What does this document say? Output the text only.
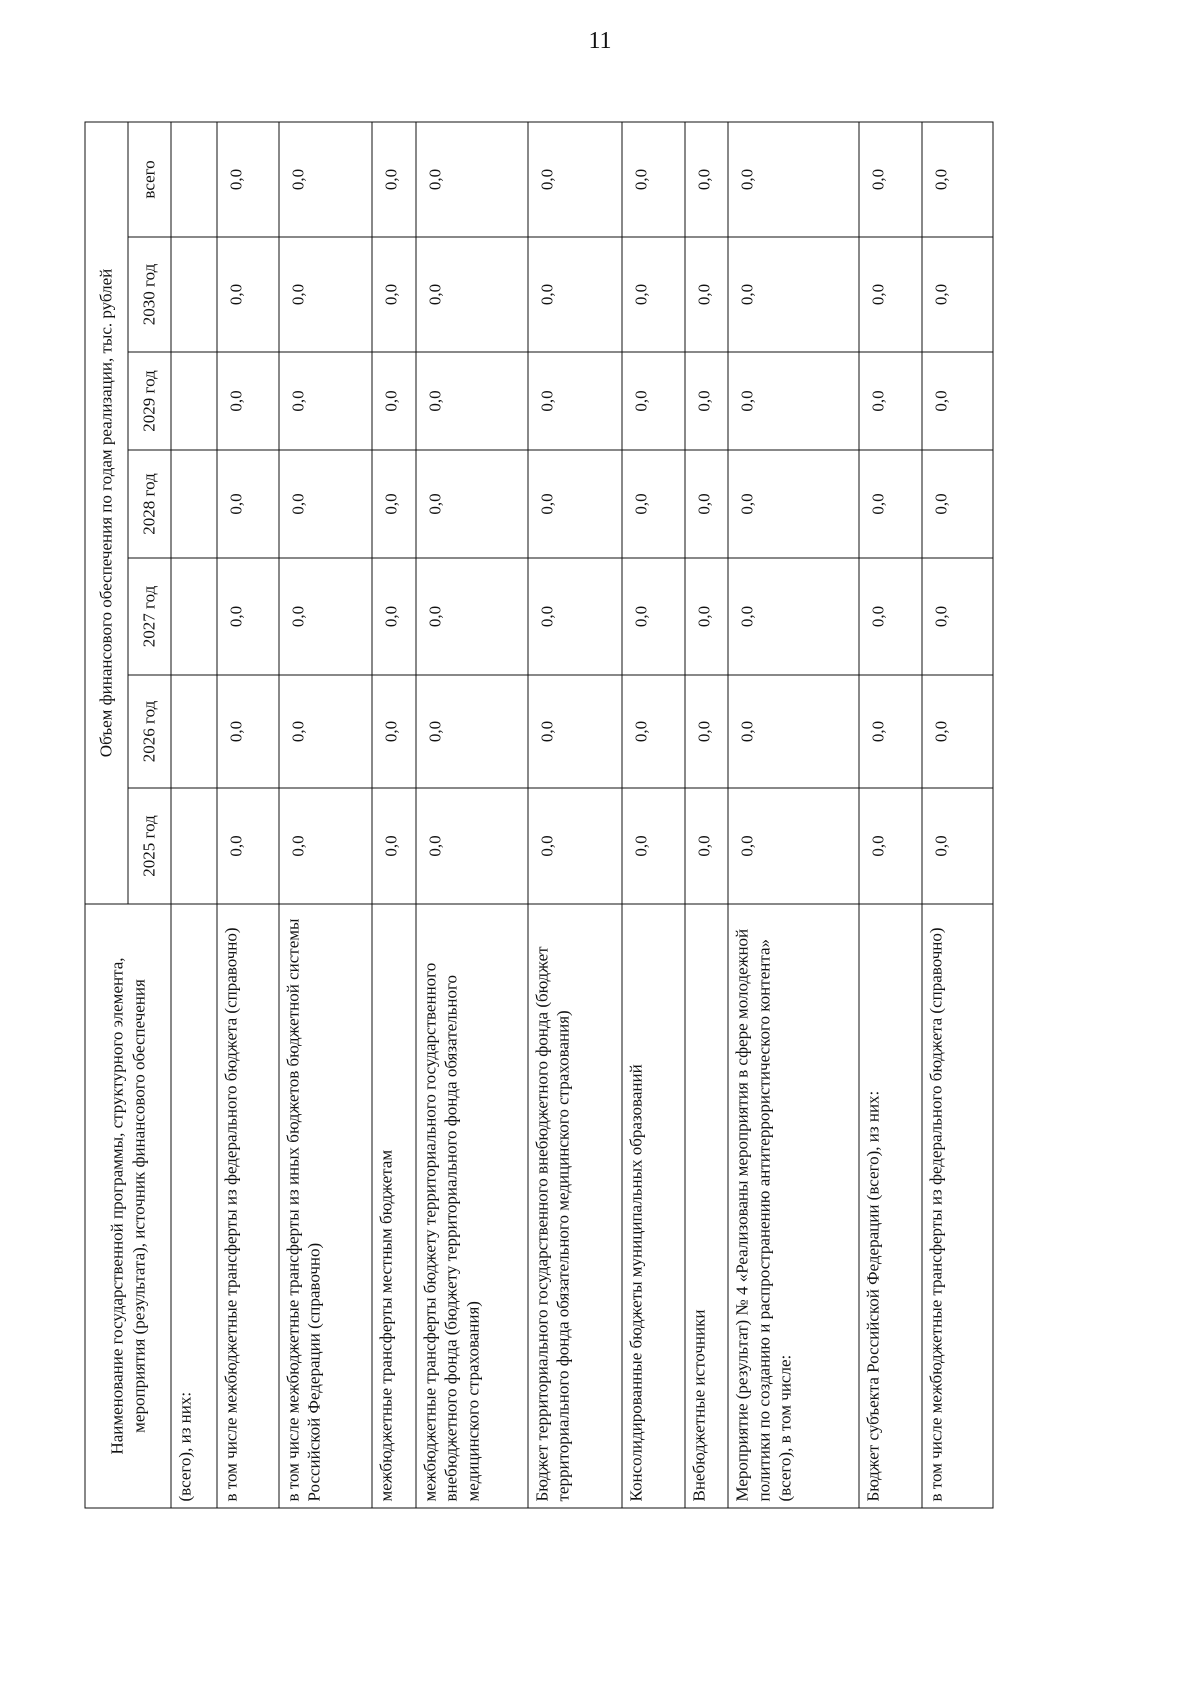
11
Наименование государственной программы, структурного элемента, мероприятия (результата), источник финансового обеспечения	Объем финансового обеспечения по годам реализации, тыс. рублей						
	2025 год	2026 год	2027 год	2028 год	2029 год	2030 год	всего
(всего), из них:							
в том числе межбюджетные трансферты из федерального бюджета (справочно)	0,0	0,0	0,0	0,0	0,0	0,0	0,0
в том числе межбюджетные трансферты из иных бюджетов бюджетной системы Российской Федерации (справочно)	0,0	0,0	0,0	0,0	0,0	0,0	0,0
межбюджетные трансферты местным бюджетам	0,0	0,0	0,0	0,0	0,0	0,0	0,0
межбюджетные трансферты бюджету территориального государственного внебюджетного фонда (бюджету территориального фонда обязательного медицинского страхования)	0,0	0,0	0,0	0,0	0,0	0,0	0,0
Бюджет территориального государственного внебюджетного фонда (бюджет территориального фонда обязательного медицинского страхования)	0,0	0,0	0,0	0,0	0,0	0,0	0,0
Консолидированные бюджеты муниципальных образований	0,0	0,0	0,0	0,0	0,0	0,0	0,0
Внебюджетные источники	0,0	0,0	0,0	0,0	0,0	0,0	0,0
Мероприятие (результат) № 4 «Реализованы мероприятия в сфере молодежной политики по созданию и распространению антитеррористического контента» (всего), в том числе:	0,0	0,0	0,0	0,0	0,0	0,0	0,0
Бюджет субъекта Российской Федерации (всего), из них:	0,0	0,0	0,0	0,0	0,0	0,0	0,0
в том числе межбюджетные трансферты из федерального бюджета (справочно)	0,0	0,0	0,0	0,0	0,0	0,0	0,0
